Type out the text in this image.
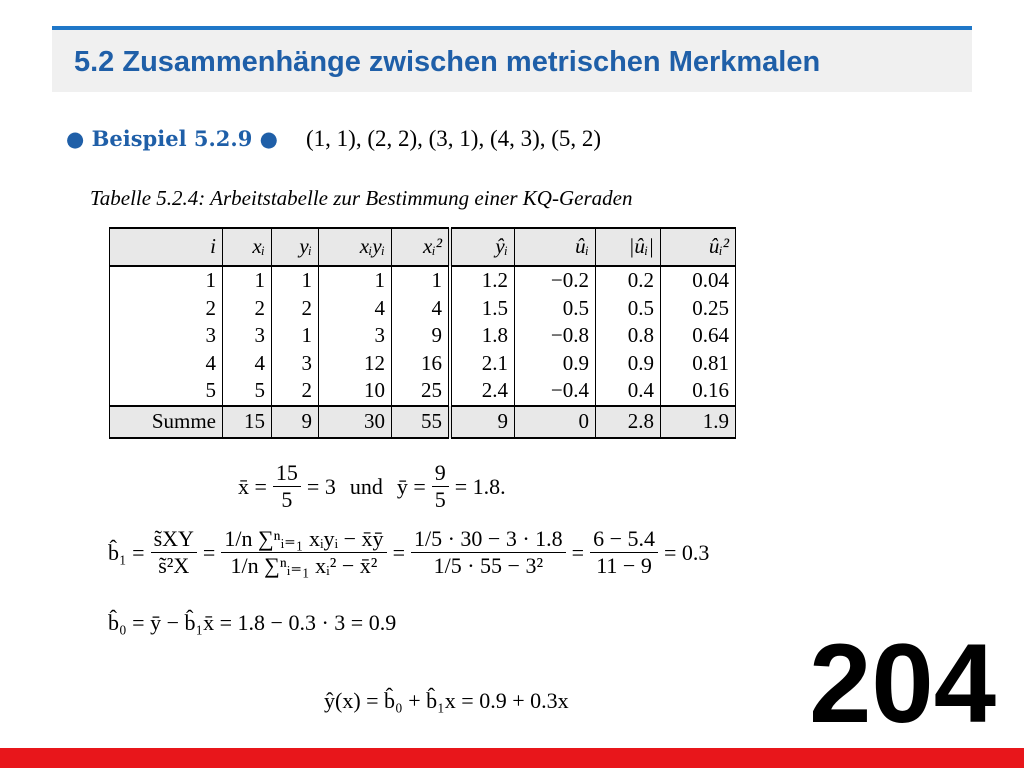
5.2 Zusammenhänge zwischen metrischen Merkmalen
● Beispiel 5.2.9 ● (1, 1), (2, 2), (3, 1), (4, 3), (5, 2)
Tabelle 5.2.4: Arbeitstabelle zur Bestimmung einer KQ-Geraden
i	xᵢ	yᵢ	xᵢyᵢ	xᵢ²	ŷᵢ	ûᵢ	|ûᵢ|	ûᵢ²
1	1	1	1	1	1.2	−0.2	0.2	0.04
2	2	2	4	4	1.5	0.5	0.5	0.25
3	3	1	3	9	1.8	−0.8	0.8	0.64
4	4	3	12	16	2.1	0.9	0.9	0.81
5	5	2	10	25	2.4	−0.4	0.4	0.16
Summe	15	9	30	55	9	0	2.8	1.9
x̄ = $\frac{15}{5} = 3$ und ȳ = $\frac{9}{5} = 1.8$.
b̂₁ = $\frac{s̃XY}{\text{s̃²X}} = \frac{\text{1/n ∑ⁿᵢ₌₁ xᵢyᵢ − x̄ȳ}}{\text{1/n ∑ⁿᵢ₌₁ xᵢ² − x̄²}} = \frac{1/5 \cdot 30 - 3 \cdot 1.8}{\text{1/5 · 55 − 3²}} = \frac{6 - 5.4}{11 - 9} = 0.3$
b̂₀ = ȳ − b̂₁x̄ = 1.8 − 0.3 · 3 = 0.9
ŷ(x) = b̂₀ + b̂₁x = 0.9 + 0.3x 204
